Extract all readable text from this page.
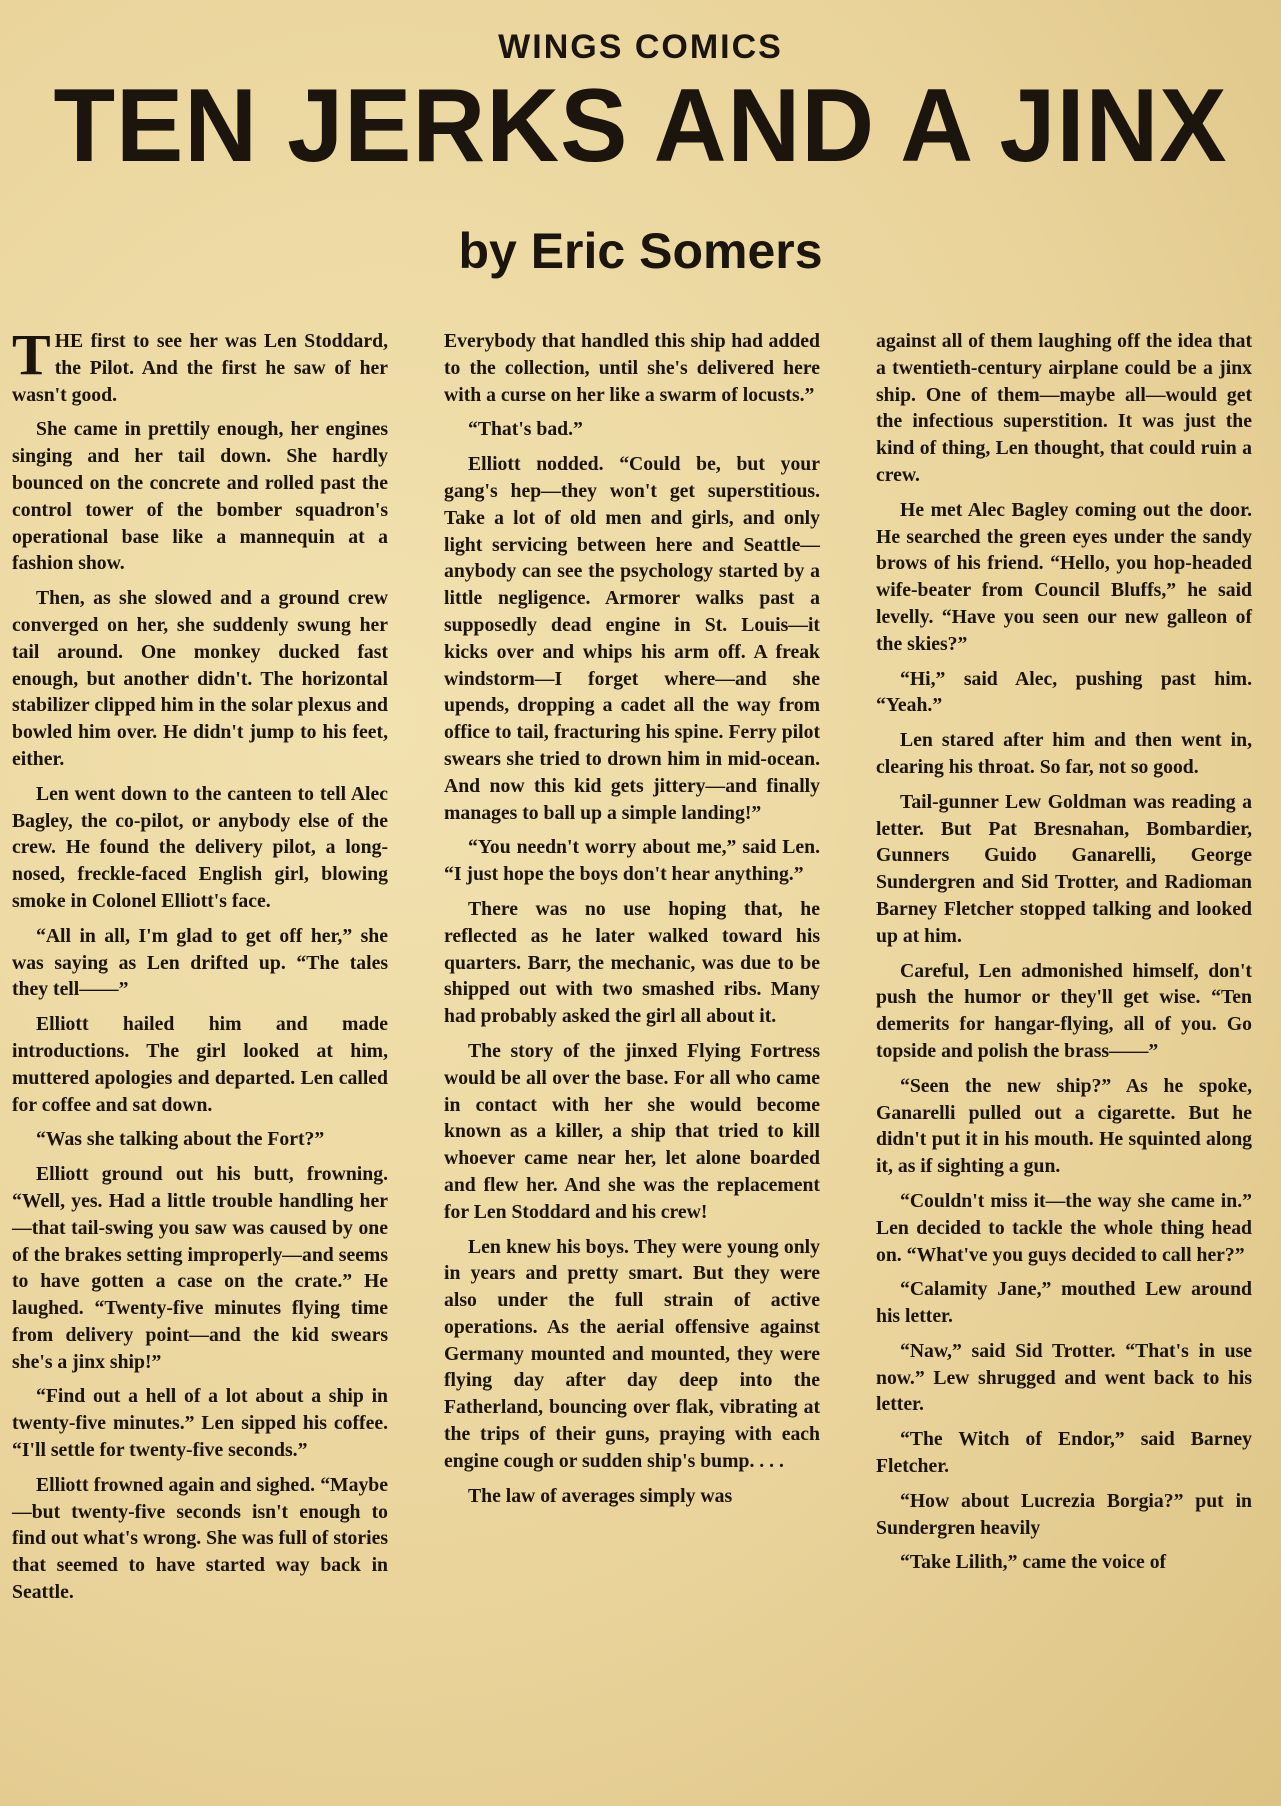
WINGS COMICS
TEN JERKS AND A JINX
by Eric Somers

THE first to see her was Len Stoddard, the Pilot. And the first he saw of her wasn't good.

She came in prettily enough, her engines singing and her tail down. She hardly bounced on the concrete and rolled past the control tower of the bomber squadron's operational base like a mannequin at a fashion show.

Then, as she slowed and a ground crew converged on her, she suddenly swung her tail around. One monkey ducked fast enough, but another didn't. The horizontal stabilizer clipped him in the solar plexus and bowled him over. He didn't jump to his feet, either.

Len went down to the canteen to tell Alec Bagley, the co-pilot, or anybody else of the crew. He found the delivery pilot, a long-nosed, freckle-faced English girl, blowing smoke in Colonel Elliott's face.

“All in all, I'm glad to get off her,” she was saying as Len drifted up. “The tales they tell——”

Elliott hailed him and made introductions. The girl looked at him, muttered apologies and departed. Len called for coffee and sat down.

“Was she talking about the Fort?”

Elliott ground out his butt, frowning. “Well, yes. Had a little trouble handling her—that tail-swing you saw was caused by one of the brakes setting improperly—and seems to have gotten a case on the crate.” He laughed. “Twenty-five minutes flying time from delivery point—and the kid swears she's a jinx ship!”

“Find out a hell of a lot about a ship in twenty-five minutes.” Len sipped his coffee. “I'll settle for twenty-five seconds.”

Elliott frowned again and sighed. “Maybe—but twenty-five seconds isn't enough to find out what's wrong. She was full of stories that seemed to have started way back in Seattle.

Everybody that handled this ship had added to the collection, until she's delivered here with a curse on her like a swarm of locusts.”

“That's bad.”

Elliott nodded. “Could be, but your gang's hep—they won't get superstitious. Take a lot of old men and girls, and only light servicing between here and Seattle—anybody can see the psychology started by a little negligence. Armorer walks past a supposedly dead engine in St. Louis—it kicks over and whips his arm off. A freak windstorm—I forget where—and she upends, dropping a cadet all the way from office to tail, fracturing his spine. Ferry pilot swears she tried to drown him in mid-ocean. And now this kid gets jittery—and finally manages to ball up a simple landing!”

“You needn't worry about me,” said Len. “I just hope the boys don't hear anything.”

There was no use hoping that, he reflected as he later walked toward his quarters. Barr, the mechanic, was due to be shipped out with two smashed ribs. Many had probably asked the girl all about it.

The story of the jinxed Flying Fortress would be all over the base. For all who came in contact with her she would become known as a killer, a ship that tried to kill whoever came near her, let alone boarded and flew her. And she was the replacement for Len Stoddard and his crew!

Len knew his boys. They were young only in years and pretty smart. But they were also under the full strain of active operations. As the aerial offensive against Germany mounted and mounted, they were flying day after day deep into the Fatherland, bouncing over flak, vibrating at the trips of their guns, praying with each engine cough or sudden ship's bump. . . .

The law of averages simply was

against all of them laughing off the idea that a twentieth-century airplane could be a jinx ship. One of them—maybe all—would get the infectious superstition. It was just the kind of thing, Len thought, that could ruin a crew.

He met Alec Bagley coming out the door. He searched the green eyes under the sandy brows of his friend. “Hello, you hop-headed wife-beater from Council Bluffs,” he said levelly. “Have you seen our new galleon of the skies?”

“Hi,” said Alec, pushing past him. “Yeah.”

Len stared after him and then went in, clearing his throat. So far, not so good.

Tail-gunner Lew Goldman was reading a letter. But Pat Bresnahan, Bombardier, Gunners Guido Ganarelli, George Sundergren and Sid Trotter, and Radioman Barney Fletcher stopped talking and looked up at him.

Careful, Len admonished himself, don't push the humor or they'll get wise. “Ten demerits for hangar-flying, all of you. Go topside and polish the brass——”

“Seen the new ship?” As he spoke, Ganarelli pulled out a cigarette. But he didn't put it in his mouth. He squinted along it, as if sighting a gun.

“Couldn't miss it—the way she came in.” Len decided to tackle the whole thing head on. “What've you guys decided to call her?”

“Calamity Jane,” mouthed Lew around his letter.

“Naw,” said Sid Trotter. “That's in use now.” Lew shrugged and went back to his letter.

“The Witch of Endor,” said Barney Fletcher.

“How about Lucrezia Borgia?” put in Sundergren heavily

“Take Lilith,” came the voice of
